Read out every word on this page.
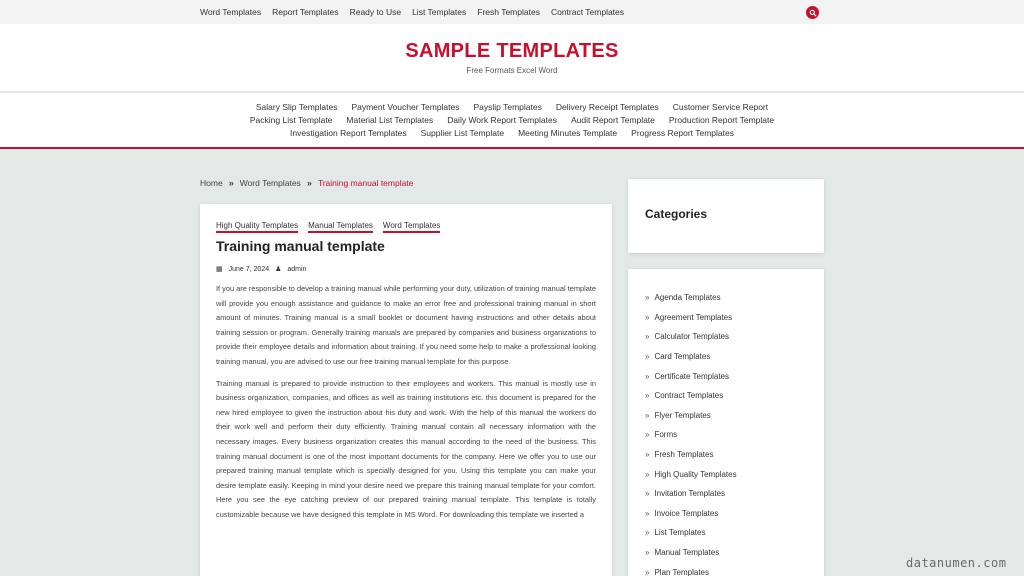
Word Templates Report Templates Ready to Use List Templates Fresh Templates Contract Templates
SAMPLE TEMPLATES
Free Formats Excel Word
Salary Slip Templates Payment Voucher Templates Payslip Templates Delivery Receipt Templates Customer Service Report
Packing List Template Material List Templates Daily Work Report Templates Audit Report Template Production Report Template
Investigation Report Templates Supplier List Template Meeting Minutes Template Progress Report Templates
Home » Word Templates » Training manual template
High Quality Templates Manual Templates Word Templates
Training manual template
▦ June 7, 2024 ♟ admin

If you are responsible to develop a training manual while performing your duty, utilization of training manual template will provide you enough assistance and guidance to make an error free and professional training manual in short amount of minutes. Training manual is a small booklet or document having instructions and other details about training session or program. Generally training manuals are prepared by companies and business organizations to provide their employee details and information about training. If you need some help to make a professional looking training manual, you are advised to use our free training manual template for this purpose.

Training manual is prepared to provide instruction to their employees and workers. This manual is mostly use in business organization, companies, and offices as well as training institutions etc. this document is prepared for the new hired employee to given the instruction about his duty and work. With the help of this manual the workers do their work well and perform their duty efficiently. Training manual contain all necessary information with the necessary images. Every business organization creates this manual according to the need of the business. This training manual document is one of the most important documents for the company. Here we offer you to use our prepared training manual template which is specially designed for you. Using this template you can make your desire template easily. Keeping in mind your desire need we prepare this training manual template for your comfort. Here you see the eye catching preview of our prepared training manual template. This template is totally customizable because we have designed this template in MS Word. For downloading this template we inserted a

Categories
» Agenda Templates
» Agreement Templates
» Calculator Templates
» Card Templates
» Certificate Templates
» Contract Templates
» Flyer Templates
» Forms
» Fresh Templates
» High Quality Templates
» Invitation Templates
» Invoice Templates
» List Templates
» Manual Templates
» Plan Templates
datanumen.com
